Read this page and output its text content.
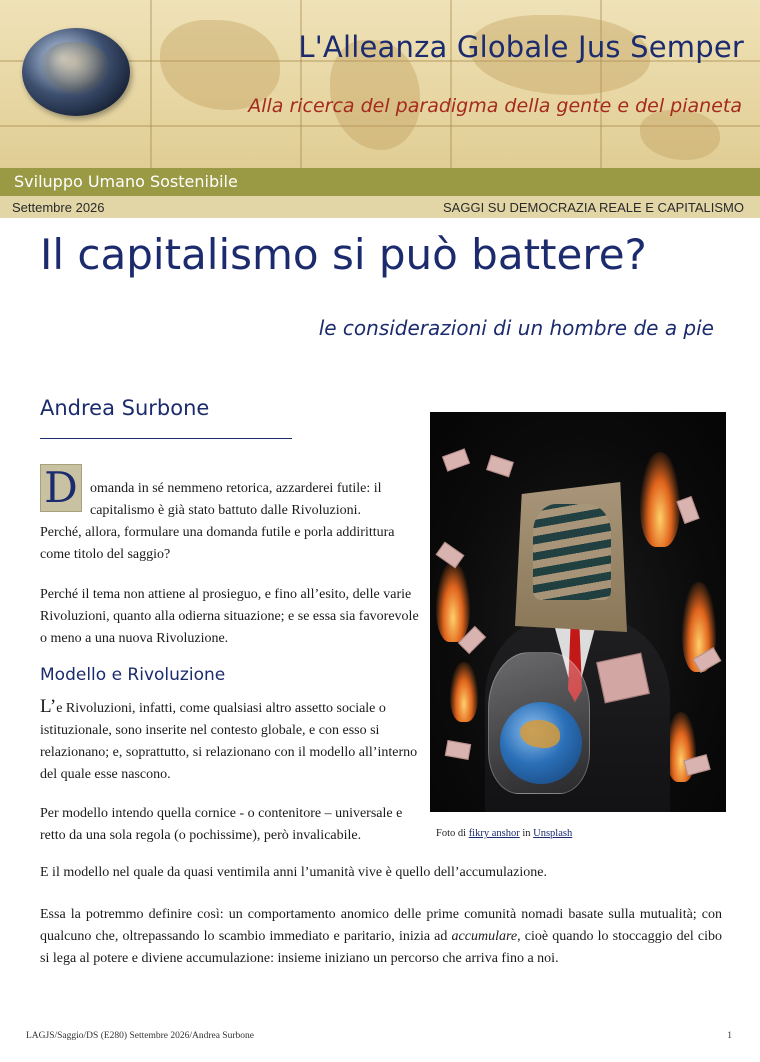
L'Alleanza Globale Jus Semper
Alla ricerca del paradigma della gente e del pianeta
Sviluppo Umano Sostenibile
Settembre 2026	SAGGI SU DEMOCRAZIA REALE E CAPITALISMO
Il capitalismo si può battere?
le considerazioni di un hombre de a pie
Andrea Surbone
D omanda in sé nemmeno retorica, azzarderei futile: il capitalismo è già stato battuto dalle Rivoluzioni.
Perché, allora, formulare una domanda futile e porla addirittura come titolo del saggio?
Perché il tema non attiene al prosieguo, e fino all’esito, delle varie Rivoluzioni, quanto alla odierna situazione; e se essa sia favorevole o meno a una nuova Rivoluzione.
Modello e Rivoluzione
L’e Rivoluzioni, infatti, come qualsiasi altro assetto sociale o istituzionale, sono inserite nel contesto globale, e con esso si relazionano; e, soprattutto, si relazionano con il modello all’interno del quale esse nascono.
Per modello intendo quella cornice - o contenitore – universale e retto da una sola regola (o pochissime), però invalicabile.
E il modello nel quale da quasi ventimila anni l’umanità vive è quello dell’accumulazione.
Essa la potremmo definire così: un comportamento anomico delle prime comunità nomadi basate sulla mutualità; con qualcuno che, oltrepassando lo scambio immediato e paritario, inizia ad accumulare, cioè quando lo stoccaggio del cibo si lega al potere e diviene accumulazione: insieme iniziano un percorso che arriva fino a noi.
Foto di fikry anshor in Unsplash
LAGJS/Saggio/DS (E280) Settembre 2026/Andrea Surbone	1
